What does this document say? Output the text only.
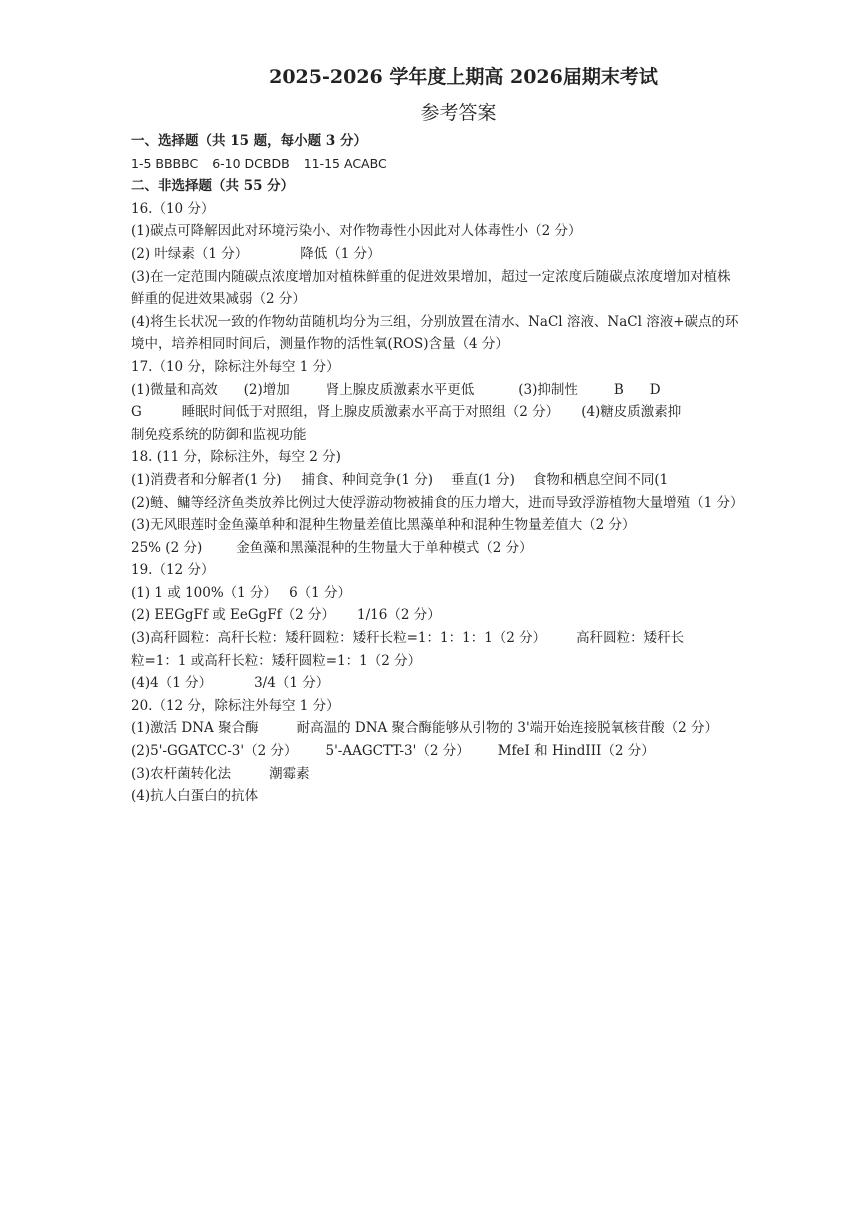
2025-2026 学年度上期高 2026届期末考试
参考答案
一、选择题（共 15 题，每小题 3 分）
1-5 BBBBC 6-10 DCBDB 11-15 ACABC
二、非选择题（共 55 分）
16.（10 分）
(1)碳点可降解因此对环境污染小、对作物毒性小因此对人体毒性小（2 分）
(2) 叶绿素（1 分）	降低（1 分）
(3)在一定范围内随碳点浓度增加对植株鲜重的促进效果增加，超过一定浓度后随碳点浓度增加对植株鲜重的促进效果减弱（2 分）
(4)将生长状况一致的作物幼苗随机均分为三组，分别放置在清水、NaCl 溶液、NaCl 溶液+碳点的环境中，培养相同时间后，测量作物的活性氧(ROS)含量（4 分）
17.（10 分，除标注外每空 1 分）
(1)微量和高效 (2)增加	肾上腺皮质激素水平更低	(3)抑制性	B D
G	睡眠时间低于对照组，肾上腺皮质激素水平高于对照组（2 分） (4)糖皮质激素抑
制免疫系统的防御和监视功能
18. (11 分，除标注外，每空 2 分)
(1)消费者和分解者(1 分) 捕食、种间竞争(1 分) 垂直(1 分) 食物和栖息空间不同(1
(2)鲢、鳙等经济鱼类放养比例过大使浮游动物被捕食的压力增大，进而导致浮游植物大量增殖（1 分）
(3)无风眼莲时金鱼藻单种和混种生物量差值比黑藻单种和混种生物量差值大（2 分）
25% (2 分)	金鱼藻和黑藻混种的生物量大于单种模式（2 分）
19.（12 分）
(1) 1 或 100%（1 分） 6（1 分）
(2) EEGgFf 或 EeGgFf（2 分） 1/16（2 分）
(3)高秆圆粒：高秆长粒：矮秆圆粒：矮秆长粒=1：1：1：1（2 分） 高秆圆粒：矮秆长
粒=1：1 或高秆长粒：矮秆圆粒=1：1（2 分）
(4)4（1 分）	3/4（1 分）
20.（12 分，除标注外每空 1 分）
(1)激活 DNA 聚合酶	耐高温的 DNA 聚合酶能够从引物的 3'端开始连接脱氧核苷酸（2 分）
(2)5'-GGATCC-3'（2 分） 5'-AAGCTT-3'（2 分） MfeI 和 HindIII（2 分）
(3)农杆菌转化法	潮霉素
(4)抗人白蛋白的抗体
